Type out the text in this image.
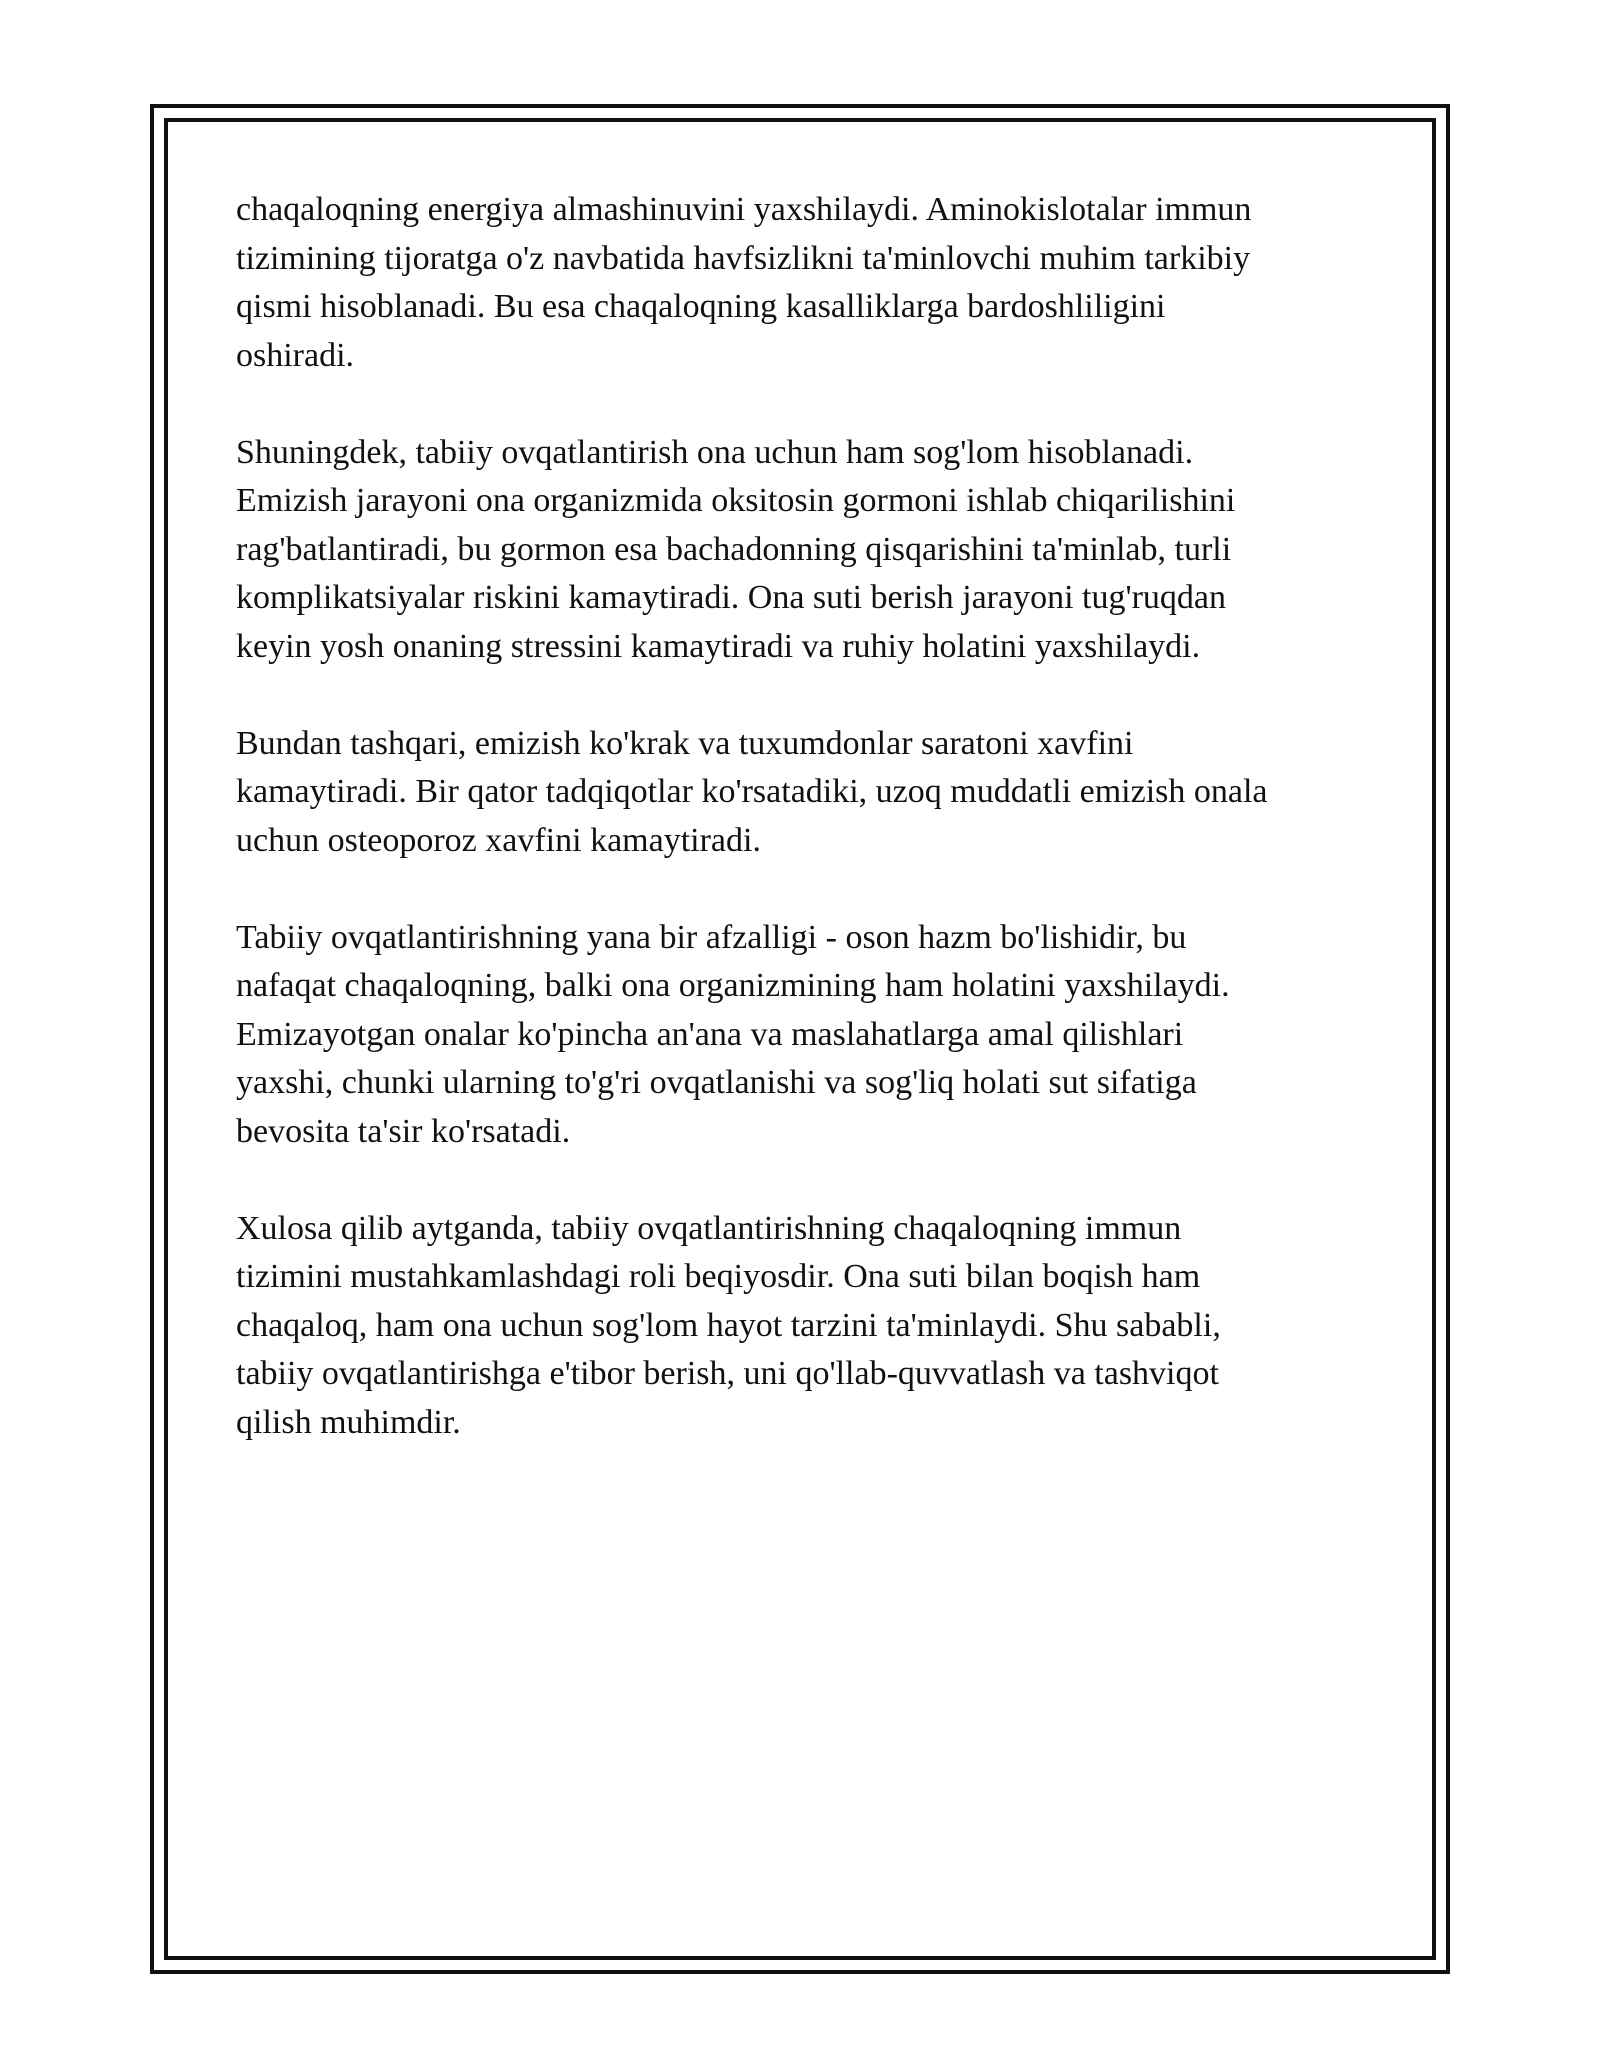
chaqaloqning energiya almashinuvini yaxshilaydi. Aminokislotalar immun
tizimining tijoratga o'z navbatida havfsizlikni ta'minlovchi muhim tarkibiy
qismi hisoblanadi. Bu esa chaqaloqning kasalliklarga bardoshliligini
oshiradi.

Shuningdek, tabiiy ovqatlantirish ona uchun ham sog'lom hisoblanadi.
Emizish jarayoni ona organizmida oksitosin gormoni ishlab chiqarilishini
rag'batlantiradi, bu gormon esa bachadonning qisqarishini ta'minlab, turli
komplikatsiyalar riskini kamaytiradi. Ona suti berish jarayoni tug'ruqdan
keyin yosh onaning stressini kamaytiradi va ruhiy holatini yaxshilaydi.

Bundan tashqari, emizish ko'krak va tuxumdonlar saratoni xavfini
kamaytiradi. Bir qator tadqiqotlar ko'rsatadiki, uzoq muddatli emizish onala
uchun osteoporoz xavfini kamaytiradi.

Tabiiy ovqatlantirishning yana bir afzalligi - oson hazm bo'lishidir, bu
nafaqat chaqaloqning, balki ona organizmining ham holatini yaxshilaydi.
Emizayotgan onalar ko'pincha an'ana va maslahatlarga amal qilishlari
yaxshi, chunki ularning to'g'ri ovqatlanishi va sog'liq holati sut sifatiga
bevosita ta'sir ko'rsatadi.

Xulosa qilib aytganda, tabiiy ovqatlantirishning chaqaloqning immun
tizimini mustahkamlashdagi roli beqiyosdir. Ona suti bilan boqish ham
chaqaloq, ham ona uchun sog'lom hayot tarzini ta'minlaydi. Shu sababli,
tabiiy ovqatlantirishga e'tibor berish, uni qo'llab-quvvatlash va tashviqot
qilish muhimdir.
